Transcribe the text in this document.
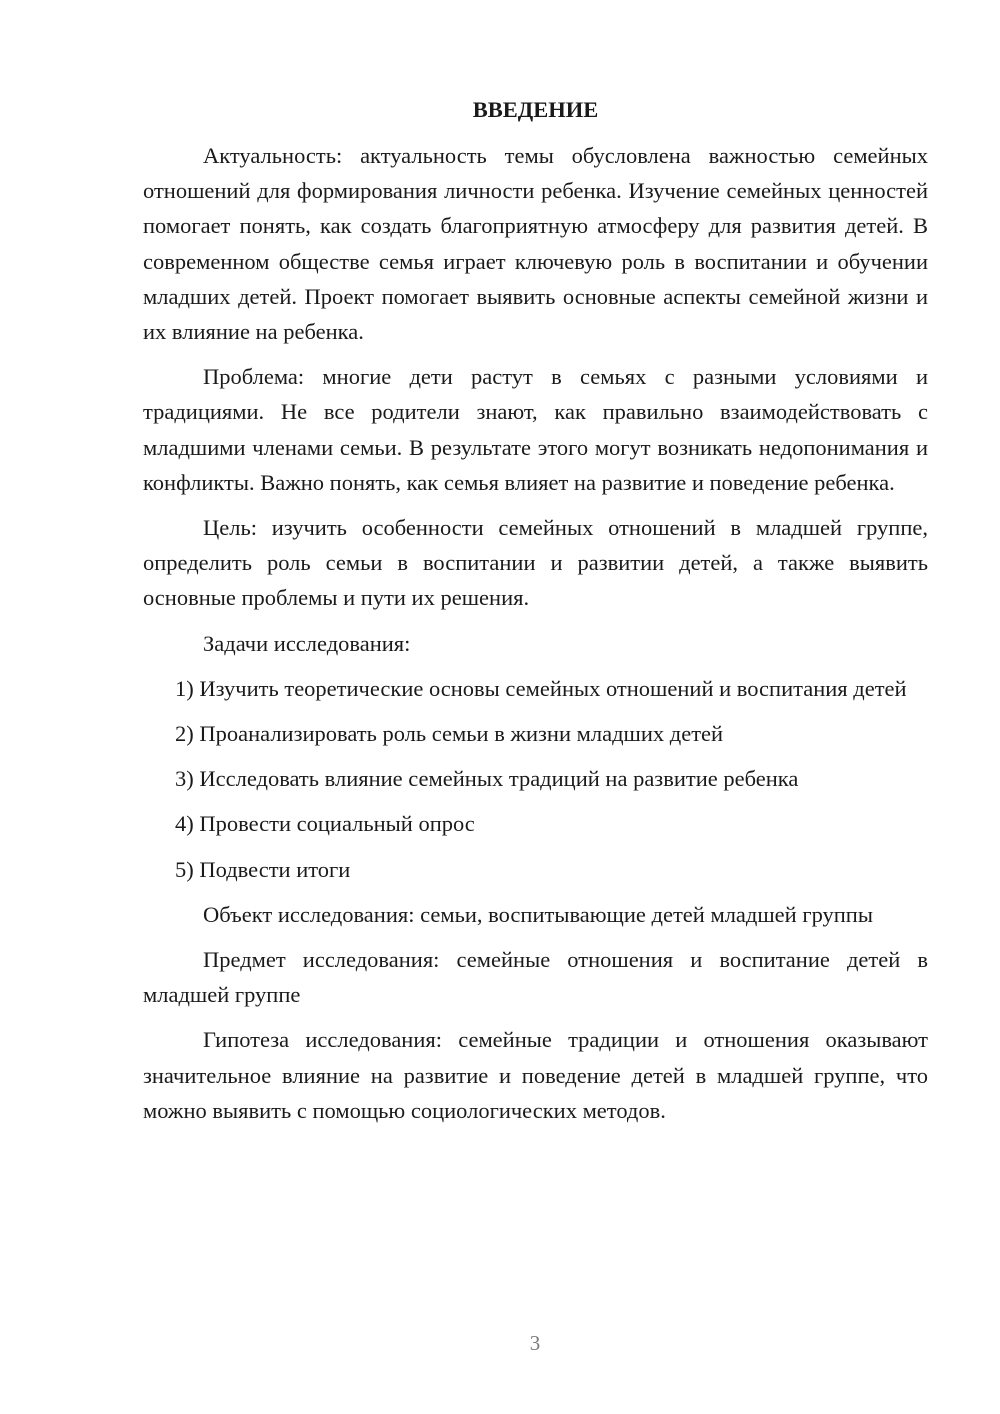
ВВЕДЕНИЕ

Актуальность: актуальность темы обусловлена важностью семейных отношений для формирования личности ребенка. Изучение семейных ценностей помогает понять, как создать благоприятную атмосферу для развития детей. В современном обществе семья играет ключевую роль в воспитании и обучении младших детей. Проект помогает выявить основные аспекты семейной жизни и их влияние на ребенка.

Проблема: многие дети растут в семьях с разными условиями и традициями. Не все родители знают, как правильно взаимодействовать с младшими членами семьи. В результате этого могут возникать недопонимания и конфликты. Важно понять, как семья влияет на развитие и поведение ребенка.

Цель: изучить особенности семейных отношений в младшей группе, определить роль семьи в воспитании и развитии детей, а также выявить основные проблемы и пути их решения.

Задачи исследования:

1) Изучить теоретические основы семейных отношений и воспитания детей

2) Проанализировать роль семьи в жизни младших детей

3) Исследовать влияние семейных традиций на развитие ребенка

4) Провести социальный опрос

5) Подвести итоги

Объект исследования: семьи, воспитывающие детей младшей группы

Предмет исследования: семейные отношения и воспитание детей в младшей группе

Гипотеза исследования: семейные традиции и отношения оказывают значительное влияние на развитие и поведение детей в младшей группе, что можно выявить с помощью социологических методов.

3
